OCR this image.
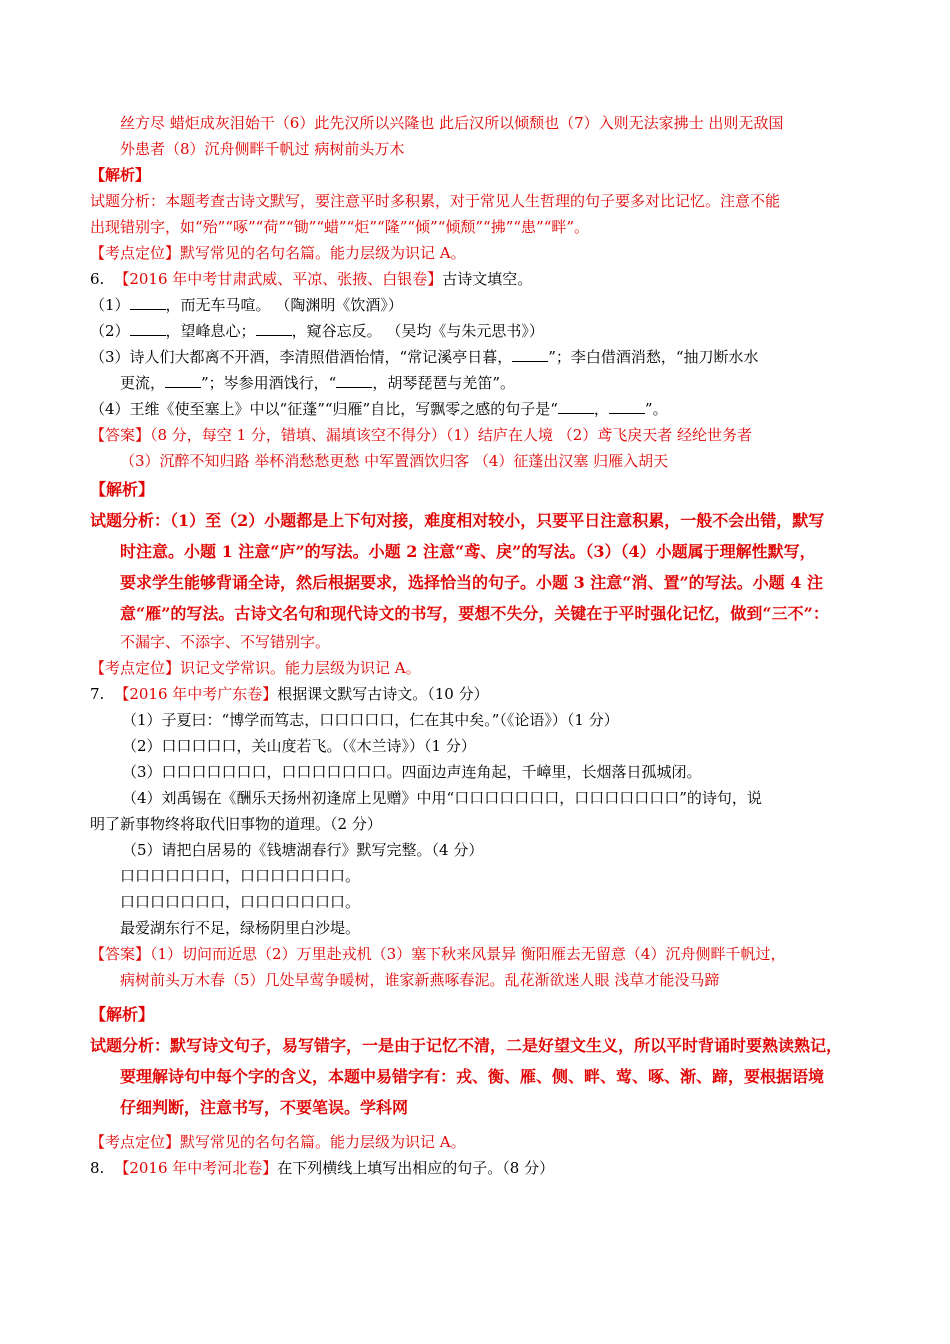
丝方尽 蜡炬成灰泪始干（6）此先汉所以兴隆也 此后汉所以倾颓也（7）入则无法家拂士 出则无敌国
外患者（8）沉舟侧畔千帆过 病树前头万木
【解析】
试题分析：本题考查古诗文默写，要注意平时多积累，对于常见人生哲理的句子要多对比记忆。注意不能
出现错别字，如“殆”“啄”“荷”“锄”“蜡”“炬”“隆”“倾”“倾颓”“拂”“患”“畔”。
【考点定位】默写常见的名句名篇。能力层级为识记 A。
6. 【2016 年中考甘肃武威、平凉、张掖、白银卷】古诗文填空。
（1） ，而无车马喧。 （陶渊明《饮酒》）
（2） ，望峰息心； ，窥谷忘反。 （吴均《与朱元思书》）
（3）诗人们大都离不开酒，李清照借酒怡情，“常记溪亭日暮， ”；李白借酒消愁，“抽刀断水水
更流， ”；岑参用酒饯行，“ ，胡琴琵琶与羌笛”。
（4）王维《使至塞上》中以“征蓬”“归雁”自比，写飘零之感的句子是“ ， ”。
【答案】（8 分，每空 1 分，错填、漏填该空不得分）（1）结庐在人境 （2）鸢飞戾天者 经纶世务者
（3）沉醉不知归路 举杯消愁愁更愁 中军置酒饮归客 （4）征蓬出汉塞 归雁入胡天
【解析】
试题分析：（1）至（2）小题都是上下句对接，难度相对较小，只要平日注意积累，一般不会出错，默写
时注意。小题 1 注意“庐”的写法。小题 2 注意“鸢、戾”的写法。（3）（4）小题属于理解性默写，
要求学生能够背诵全诗，然后根据要求，选择恰当的句子。小题 3 注意“消、置”的写法。小题 4 注
意“雁”的写法。古诗文名句和现代诗文的书写，要想不失分，关键在于平时强化记忆，做到“三不”：
不漏字、不添字、不写错别字。
【考点定位】识记文学常识。能力层级为识记 A。
7. 【2016 年中考广东卷】根据课文默写古诗文。（10 分）
（1）子夏曰：“博学而笃志，口口口口口，仁在其中矣。”（《论语》）（1 分）
（2）口口口口口，关山度若飞。（《木兰诗》）（1 分）
（3）口口口口口口口，口口口口口口口。四面边声连角起，千嶂里，长烟落日孤城闭。
（4）刘禹锡在《酬乐天扬州初逢席上见赠》中用“口口口口口口口，口口口口口口口”的诗句，说
明了新事物终将取代旧事物的道理。（2 分）
（5）请把白居易的《钱塘湖春行》默写完整。（4 分）
口口口口口口口，口口口口口口口。
口口口口口口口，口口口口口口口。
最爱湖东行不足，绿杨阴里白沙堤。
【答案】（1）切问而近思（2）万里赴戎机（3）塞下秋来风景异 衡阳雁去无留意（4）沉舟侧畔千帆过，
病树前头万木春（5）几处早莺争暖树，谁家新燕啄春泥。乱花渐欲迷人眼 浅草才能没马蹄
【解析】
试题分析：默写诗文句子，易写错字，一是由于记忆不清，二是好望文生义，所以平时背诵时要熟读熟记，
要理解诗句中每个字的含义，本题中易错字有：戎、衡、雁、侧、畔、莺、啄、渐、蹄，要根据语境
仔细判断，注意书写，不要笔误。学科网
【考点定位】默写常见的名句名篇。能力层级为识记 A。
8. 【2016 年中考河北卷】在下列横线上填写出相应的句子。（8 分）
